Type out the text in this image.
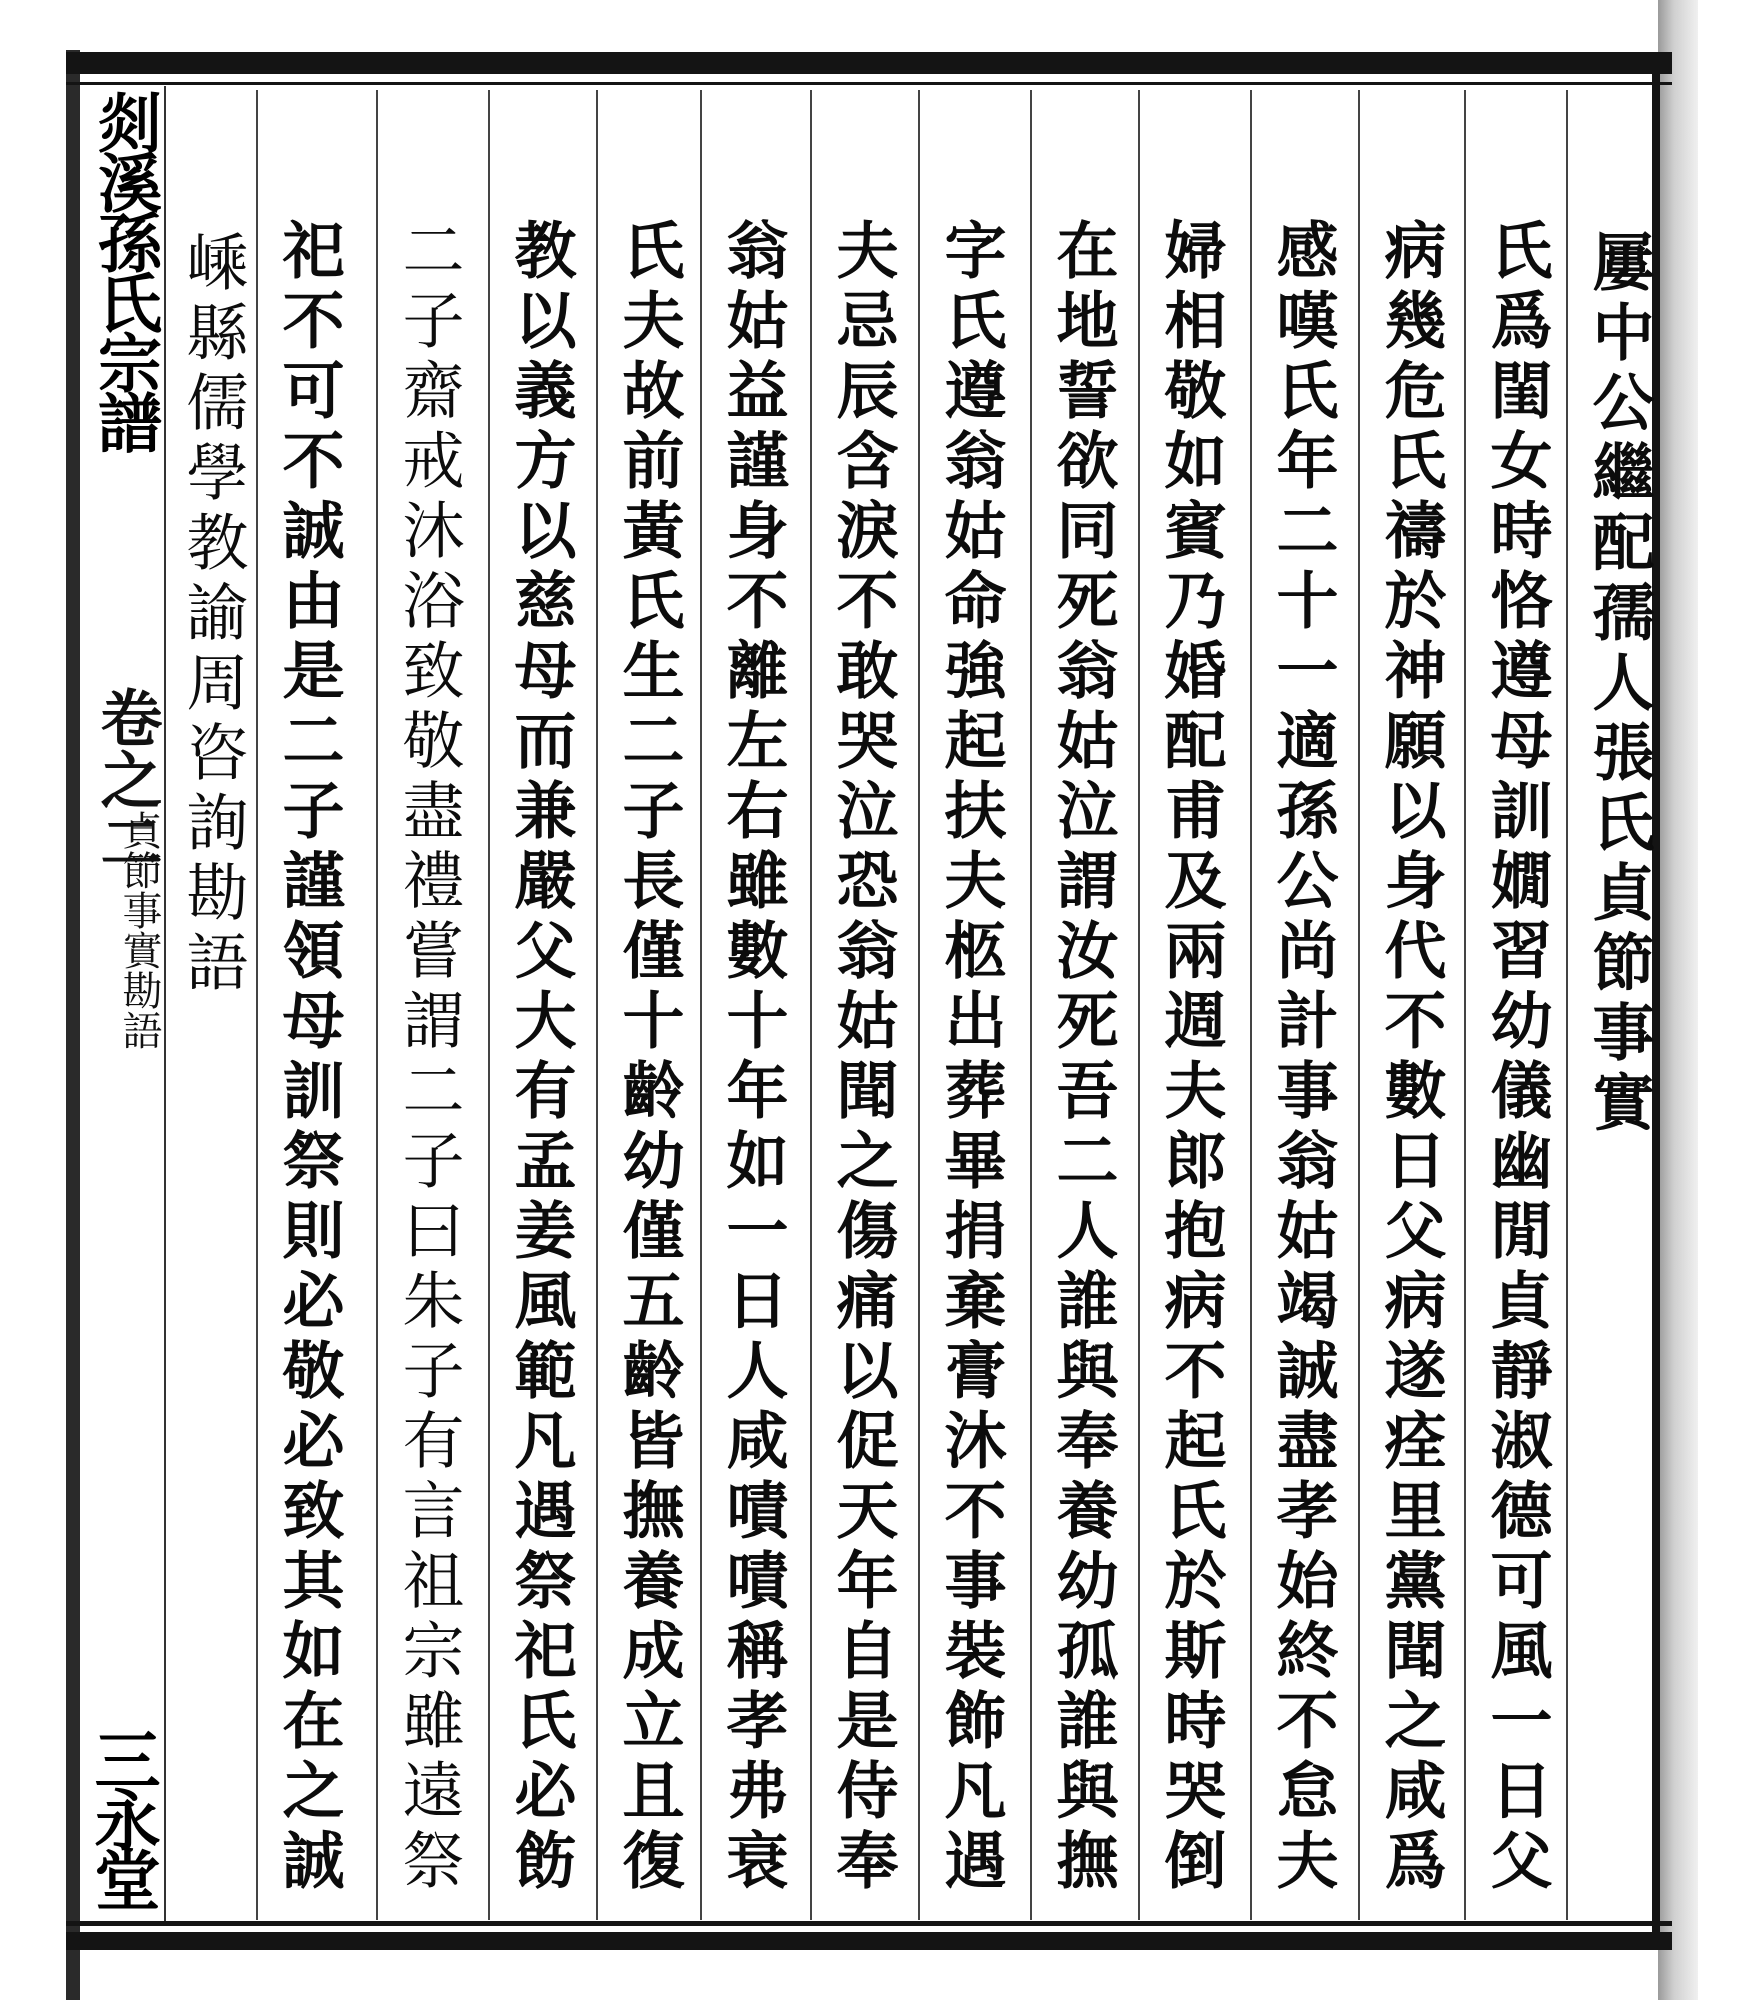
剡溪孫氏宗譜
卷之二
三永堂
貞節事實勘語	屢中公繼配孺人張氏貞節事實
氏爲閨女時恪遵母訓嫺習幼儀幽閒貞靜淑德可風一日父
病幾危氏禱於神願以身代不數日父病遂痊里黨聞之咸爲
感嘆氏年二十一適孫公尚計事翁姑竭誠盡孝始終不怠夫
婦相敬如賓乃婚配甫及兩週夫郎抱病不起氏於斯時哭倒
在地誓欲同死翁姑泣謂汝死吾二人誰與奉養幼孤誰與撫
字氏遵翁姑命強起扶夫柩出葬畢捐棄膏沐不事裝飾凡遇
夫忌辰含淚不敢哭泣恐翁姑聞之傷痛以促天年自是侍奉
翁姑益謹身不離左右雖數十年如一日人咸嘖嘖稱孝弗衰
氏夫故前黃氏生二子長僅十齡幼僅五齡皆撫養成立且復
教以義方以慈母而兼嚴父大有孟姜風範凡遇祭祀氏必飭
二子齋戒沐浴致敬盡禮嘗謂二子曰朱子有言祖宗雖遠祭
祀不可不誠由是二子謹領母訓祭則必敬必致其如在之誠
嵊縣儒學教諭周咨詢勘語
